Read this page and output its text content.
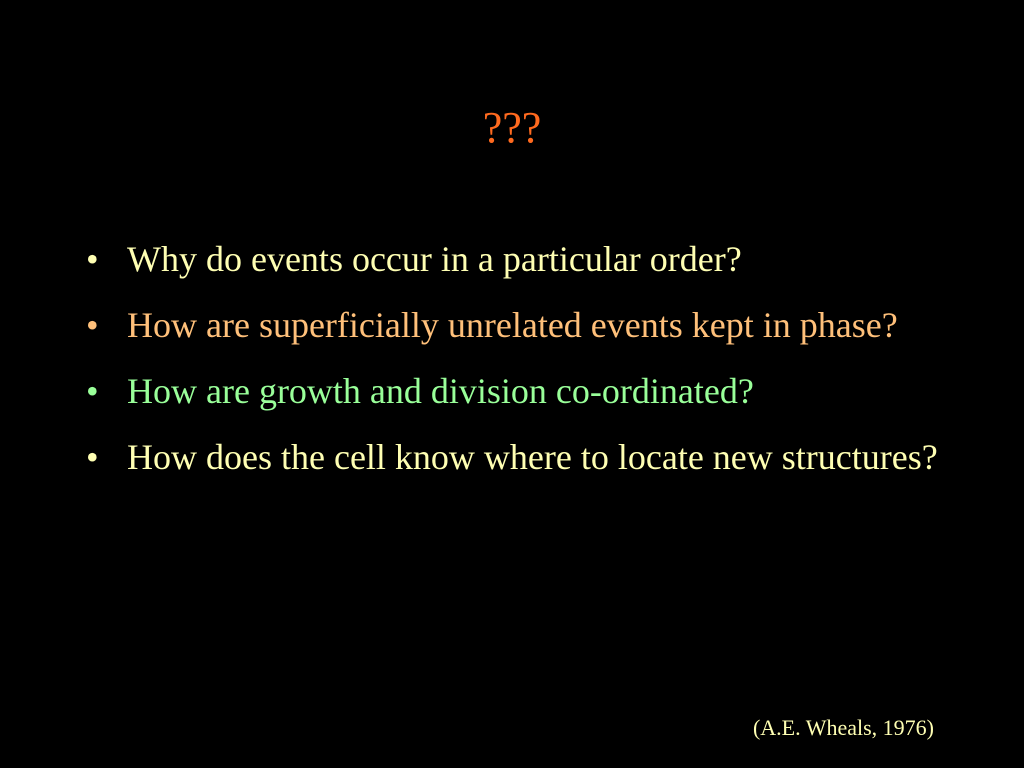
???
• Why do events occur in a particular order?
• How are superficially unrelated events kept in phase?
• How are growth and division co-ordinated?
• How does the cell know where to locate new structures?
(A.E. Wheals, 1976)
